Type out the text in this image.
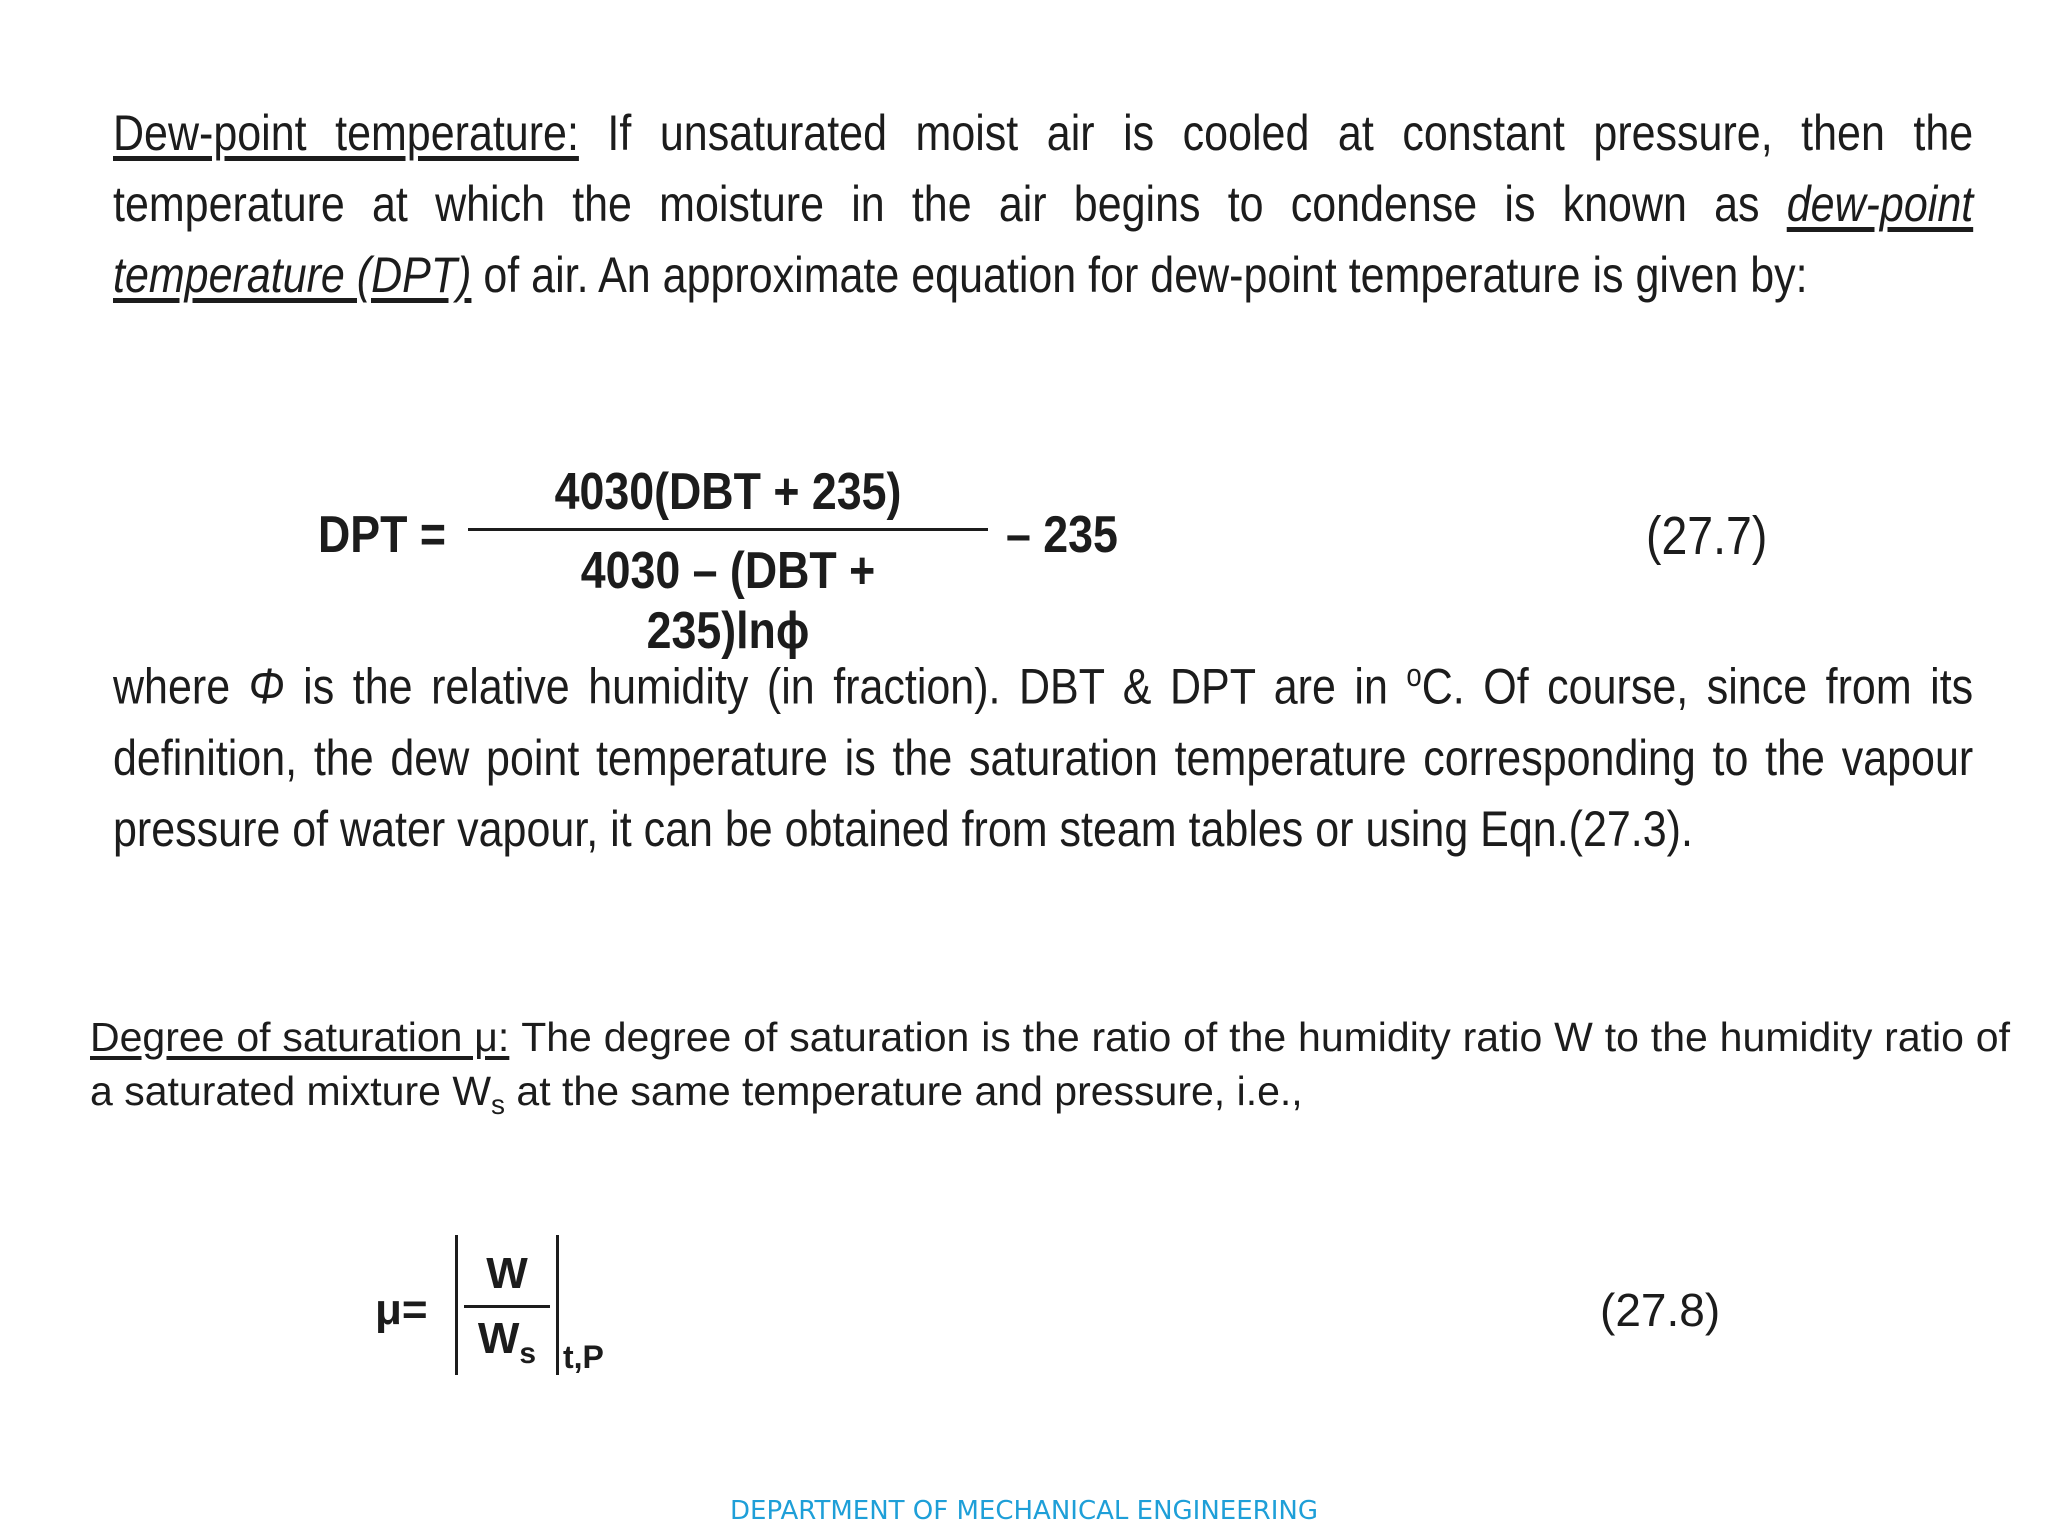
Dew-point temperature: If unsaturated moist air is cooled at constant pressure, then the temperature at which the moisture in the air begins to condense is known as dew-point temperature (DPT) of air. An approximate equation for dew-point temperature is given by:
DPT =
4030(DBT + 235)
4030 – (DBT + 235)lnϕ
– 235	(27.7)
where Φ is the relative humidity (in fraction). DBT & DPT are in $^o$C. Of course, since from its definition, the dew point temperature is the saturation temperature corresponding to the vapour pressure of water vapour, it can be obtained from steam tables or using Eqn.(27.3).
Degree of saturation μ: The degree of saturation is the ratio of the humidity ratio W to the humidity ratio of a saturated mixture $W_s$ at the same temperature and pressure, i.e.,
μ=
W
$W_s$ t,P
(27.8)
DEPARTMENT OF MECHANICAL ENGINEERING
